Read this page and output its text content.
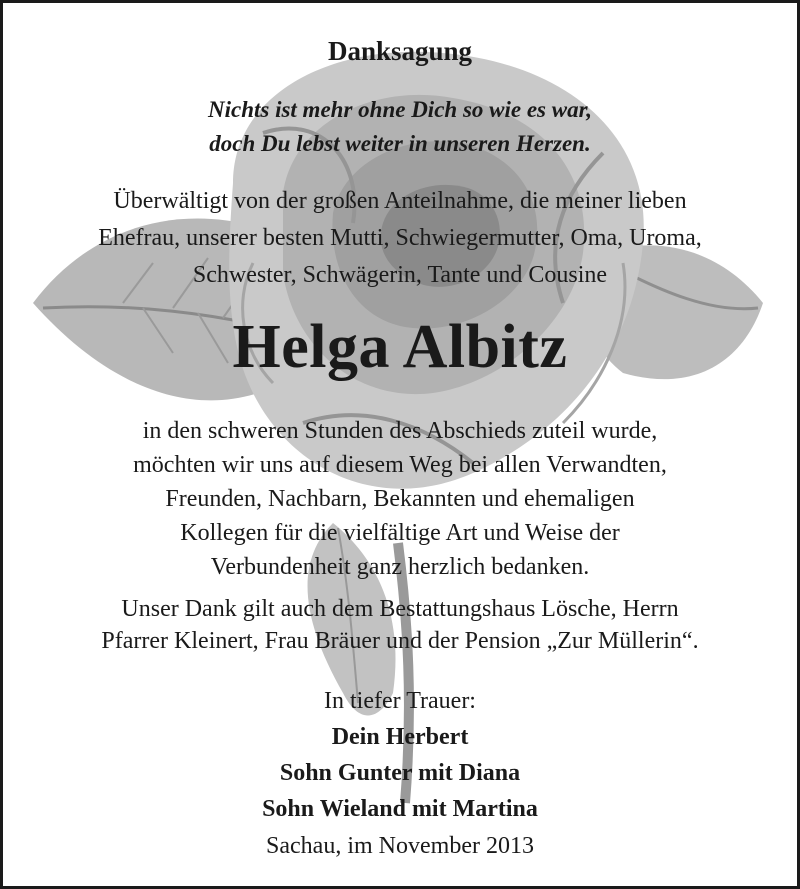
Danksagung
Nichts ist mehr ohne Dich so wie es war,
doch Du lebst weiter in unseren Herzen.
Überwältigt von der großen Anteilnahme, die meiner lieben
Ehefrau, unserer besten Mutti, Schwiegermutter, Oma, Uroma,
Schwester, Schwägerin, Tante und Cousine
Helga Albitz
in den schweren Stunden des Abschieds zuteil wurde,
möchten wir uns auf diesem Weg bei allen Verwandten,
Freunden, Nachbarn, Bekannten und ehemaligen
Kollegen für die vielfältige Art und Weise der
Verbundenheit ganz herzlich bedanken.
Unser Dank gilt auch dem Bestattungshaus Lösche, Herrn
Pfarrer Kleinert, Frau Bräuer und der Pension „Zur Müllerin“.
In tiefer Trauer:
Dein Herbert
Sohn Gunter mit Diana
Sohn Wieland mit Martina
Sachau, im November 2013
